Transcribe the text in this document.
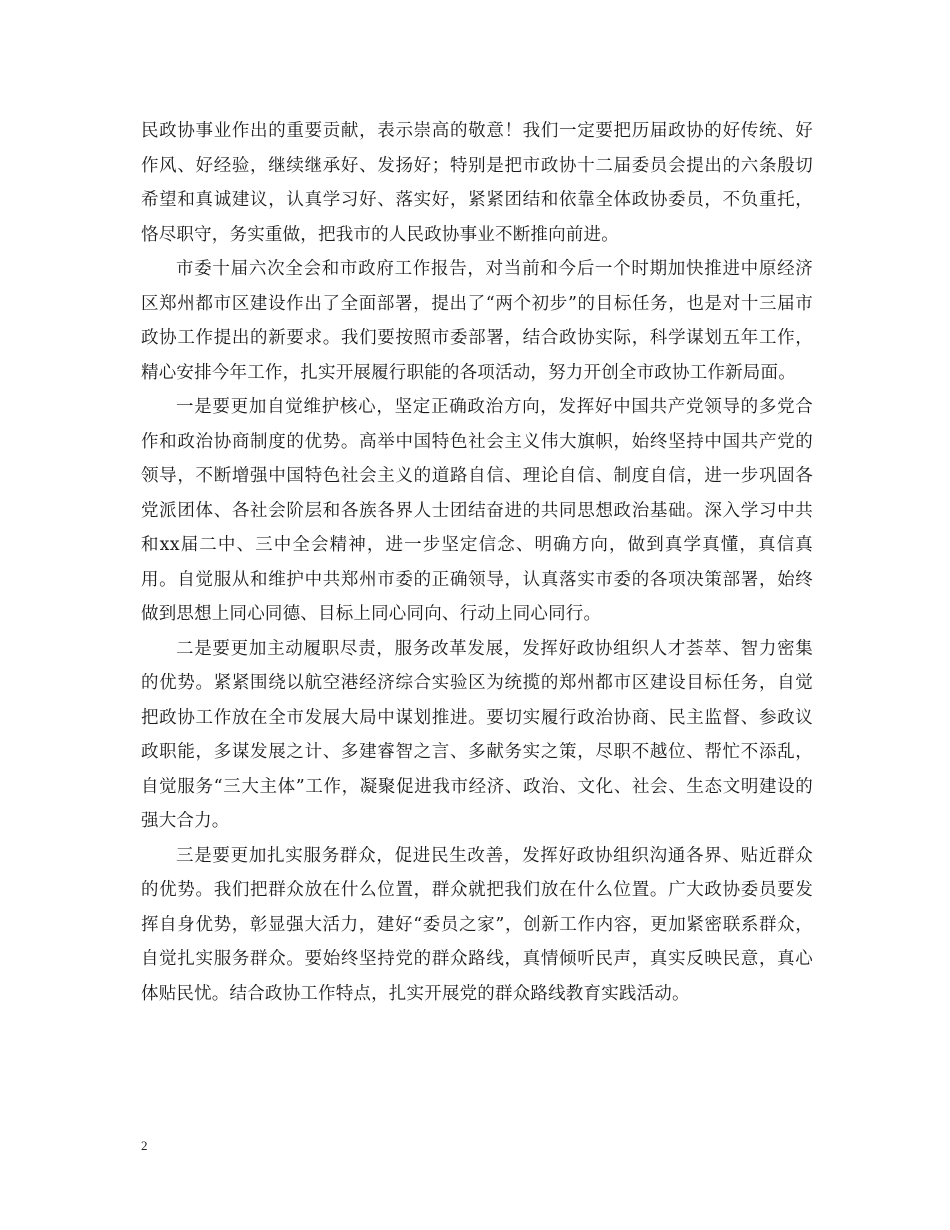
民政协事业作出的重要贡献，表示崇高的敬意！我们一定要把历届政协的好传统、好作风、好经验，继续继承好、发扬好；特别是把市政协十二届委员会提出的六条殷切希望和真诚建议，认真学习好、落实好，紧紧团结和依靠全体政协委员，不负重托，恪尽职守，务实重做，把我市的人民政协事业不断推向前进。

市委十届六次全会和市政府工作报告，对当前和今后一个时期加快推进中原经济区郑州都市区建设作出了全面部署，提出了“两个初步”的目标任务，也是对十三届市政协工作提出的新要求。我们要按照市委部署，结合政协实际，科学谋划五年工作，精心安排今年工作，扎实开展履行职能的各项活动，努力开创全市政协工作新局面。

一是要更加自觉维护核心，坚定正确政治方向，发挥好中国共产党领导的多党合作和政治协商制度的优势。高举中国特色社会主义伟大旗帜，始终坚持中国共产党的领导，不断增强中国特色社会主义的道路自信、理论自信、制度自信，进一步巩固各党派团体、各社会阶层和各族各界人士团结奋进的共同思想政治基础。深入学习中共和xx届二中、三中全会精神，进一步坚定信念、明确方向，做到真学真懂，真信真用。自觉服从和维护中共郑州市委的正确领导，认真落实市委的各项决策部署，始终做到思想上同心同德、目标上同心同向、行动上同心同行。

二是要更加主动履职尽责，服务改革发展，发挥好政协组织人才荟萃、智力密集的优势。紧紧围绕以航空港经济综合实验区为统揽的郑州都市区建设目标任务，自觉把政协工作放在全市发展大局中谋划推进。要切实履行政治协商、民主监督、参政议政职能，多谋发展之计、多建睿智之言、多献务实之策，尽职不越位、帮忙不添乱，自觉服务“三大主体”工作，凝聚促进我市经济、政治、文化、社会、生态文明建设的强大合力。

三是要更加扎实服务群众，促进民生改善，发挥好政协组织沟通各界、贴近群众的优势。我们把群众放在什么位置，群众就把我们放在什么位置。广大政协委员要发挥自身优势，彰显强大活力，建好“委员之家”，创新工作内容，更加紧密联系群众，自觉扎实服务群众。要始终坚持党的群众路线，真情倾听民声，真实反映民意，真心体贴民忧。结合政协工作特点，扎实开展党的群众路线教育实践活动。

2
